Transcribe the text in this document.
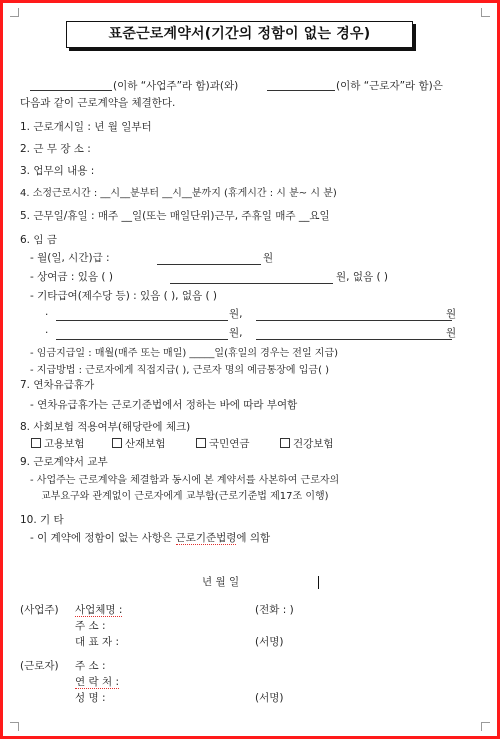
표준근로계약서(기간의 정함이 없는 경우)
(이하 “사업주”라 함)과(와)	(이하 “근로자”라 함)은
다음과 같이 근로계약을 체결한다.
1. 근로개시일 : 년 월 일부터
2. 근 무 장 소 :
3. 업무의 내용 :
4. 소정근로시간 : __시__분부터 __시__분까지 (휴게시간 : 시 분~ 시 분)
5. 근무일/휴일 : 매주 __일(또는 매일단위)근무, 주휴일 매주 __요일
6. 임 금
- 월(일, 시간)급 :	원
- 상여금 : 있음 ( )	원, 없음 ( )
- 기타급여(제수당 등) : 있음 ( ), 없음 ( )
·	원,	원
·	원,	원
- 임금지급일 : 매월(매주 또는 매일) _____일(휴일의 경우는 전일 지급)
- 지급방법 : 근로자에게 직접지급( ), 근로자 명의 예금통장에 입금( )
7. 연차유급휴가
- 연차유급휴가는 근로기준법에서 정하는 바에 따라 부여함
8. 사회보험 적용여부(해당란에 체크)
고용보험	산재보험	국민연금	건강보험
9. 근로계약서 교부
- 사업주는 근로계약을 체결함과 동시에 본 계약서를 사본하여 근로자의
교부요구와 관계없이 근로자에게 교부함(근로기준법 제17조 이행)
10. 기 타
- 이 계약에 정함이 없는 사항은 근로기준법령에 의함
년 월 일
(사업주) 사업체명 :	(전화 : )
주 소 :
대 표 자 :	(서명)
(근로자) 주 소 :
연 락 처 :
성 명 :	(서명)
